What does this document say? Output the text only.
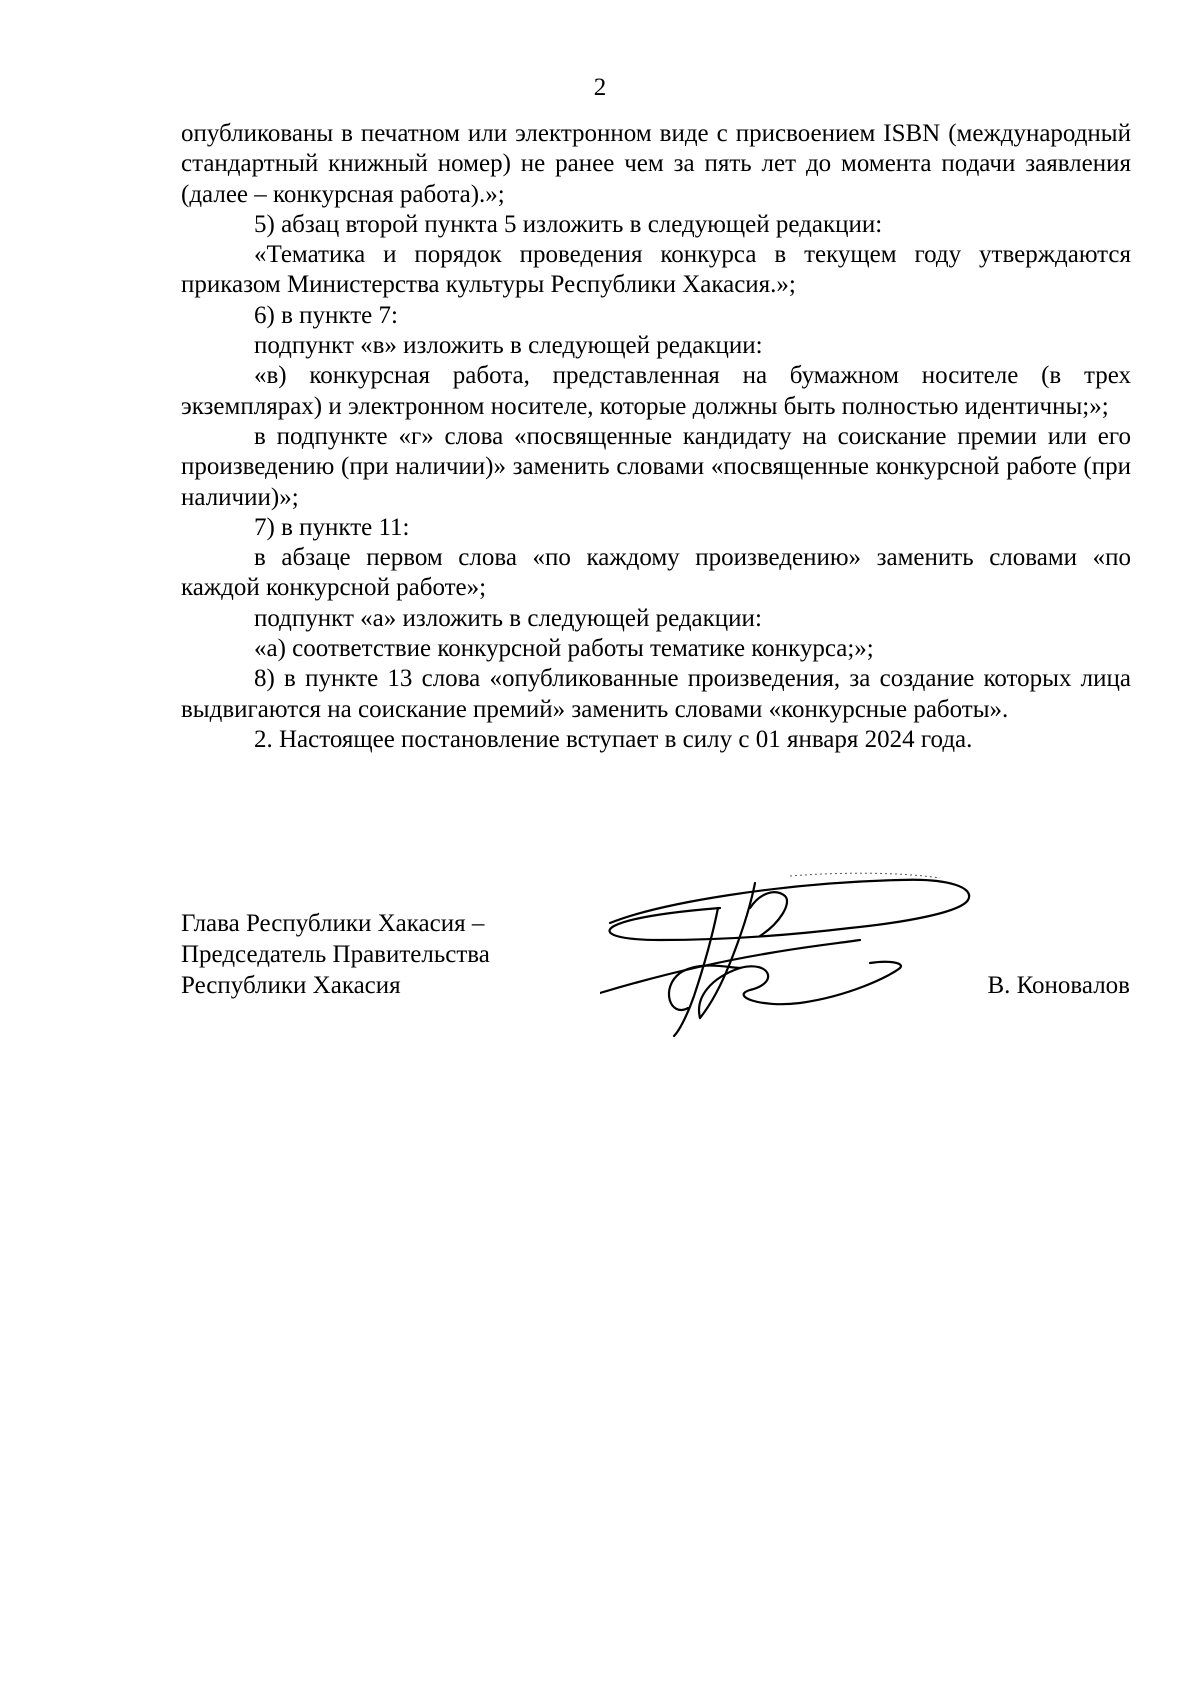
2

опубликованы в печатном или электронном виде с присвоением ISBN (международный стандартный книжный номер) не ранее чем за пять лет до момента подачи заявления (далее – конкурсная работа).»;

5) абзац второй пункта 5 изложить в следующей редакции:

«Тематика и порядок проведения конкурса в текущем году утверждаются приказом Министерства культуры Республики Хакасия.»;

6) в пункте 7:

подпункт «в» изложить в следующей редакции:

«в) конкурсная работа, представленная на бумажном носителе (в трех экземплярах) и электронном носителе, которые должны быть полностью идентичны;»;

в подпункте «г» слова «посвященные кандидату на соискание премии или его произведению (при наличии)» заменить словами «посвященные конкурсной работе (при наличии)»;

7) в пункте 11:

в абзаце первом слова «по каждому произведению» заменить словами «по каждой конкурсной работе»;

подпункт «а» изложить в следующей редакции:

«а) соответствие конкурсной работы тематике конкурса;»;

8) в пункте 13 слова «опубликованные произведения, за создание которых лица выдвигаются на соискание премий» заменить словами «конкурсные работы».

2. Настоящее постановление вступает в силу с 01 января 2024 года.

Глава Республики Хакасия –
Председатель Правительства
Республики Хакасия	В. Коновалов
